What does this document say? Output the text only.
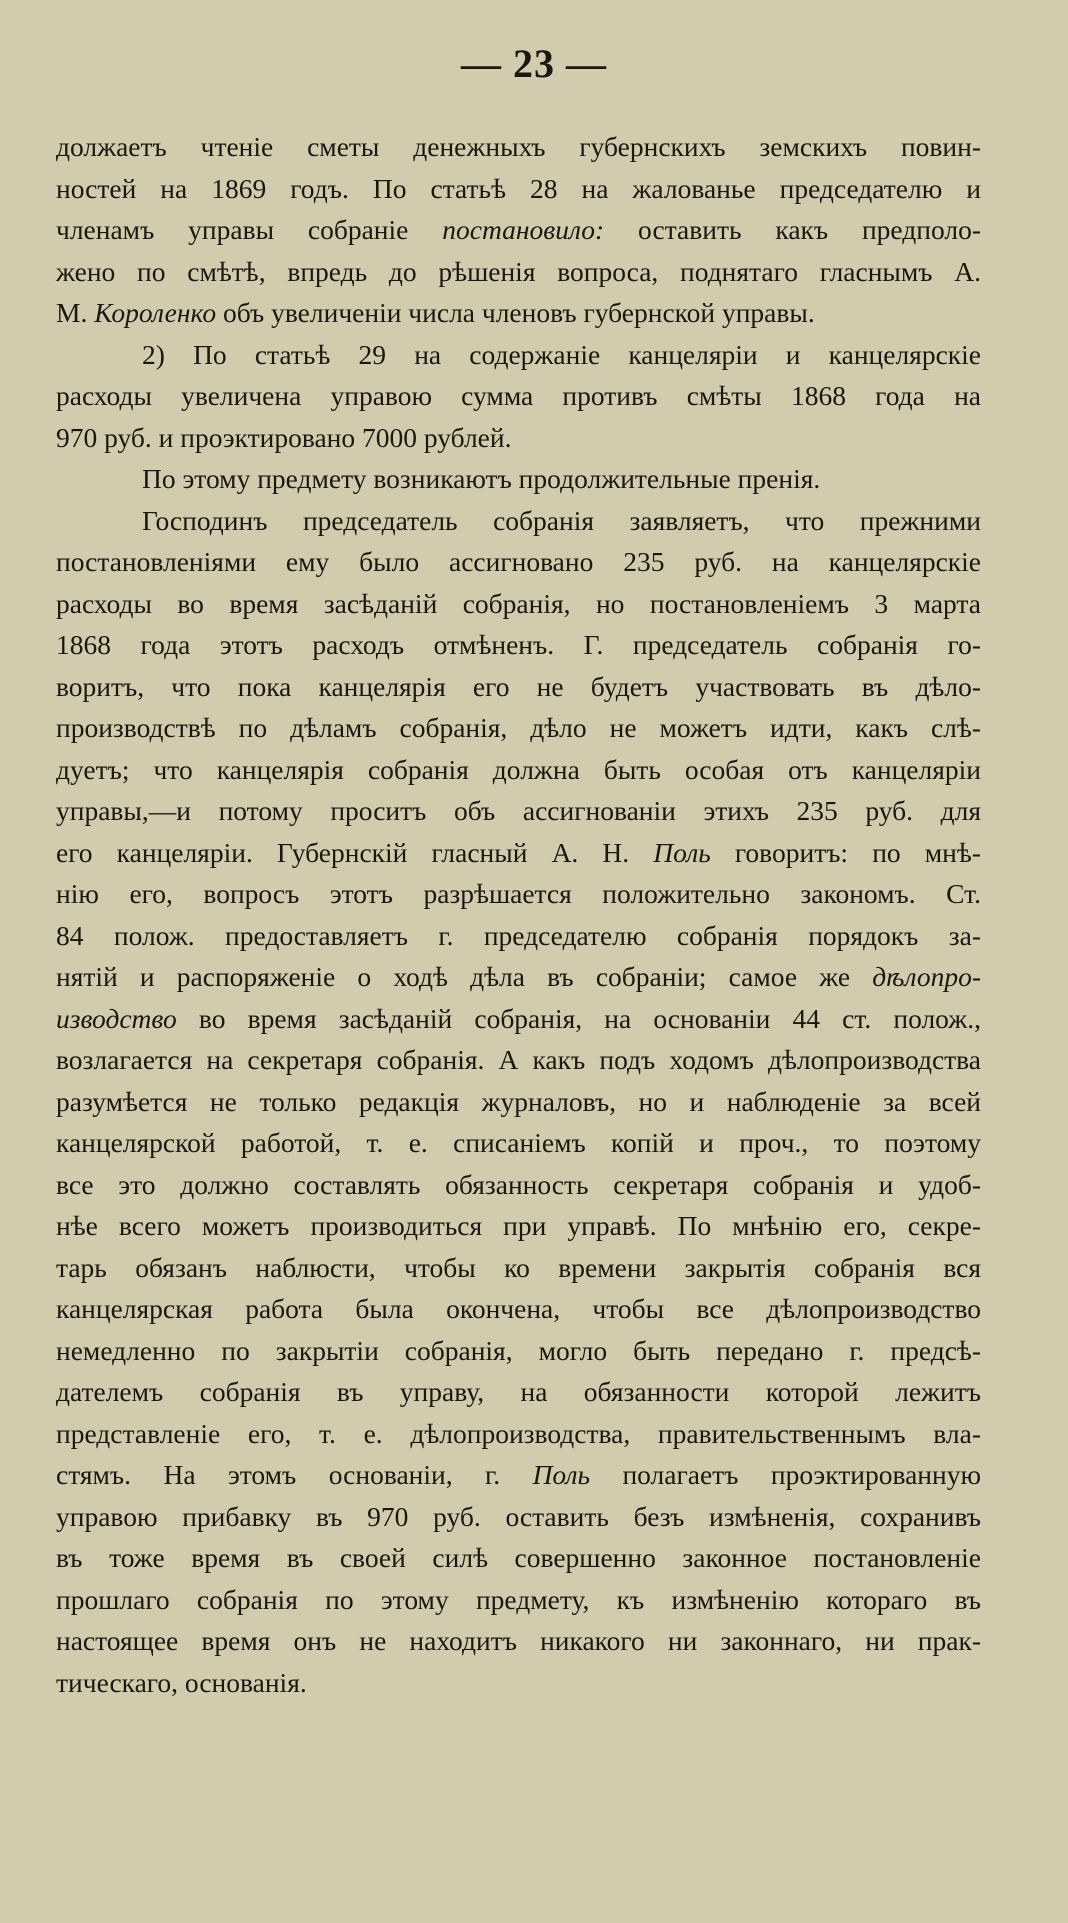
— 23 —
должаетъ чтеніе сметы денежныхъ губернскихъ земскихъ повин-
ностей на 1869 годъ. По статьѣ 28 на жалованье председателю и
членамъ управы собраніе постановило: оставить какъ предполо-
жено по смѣтѣ, впредь до рѣшенія вопроса, поднятаго гласнымъ А.
М. Короленко объ увеличеніи числа членовъ губернской управы.
2) По статьѣ 29 на содержаніе канцеляріи и канцелярскіе
расходы увеличена управою сумма противъ смѣты 1868 года на
970 руб. и проэктировано 7000 рублей.
По этому предмету возникаютъ продолжительные пренія.
Господинъ председатель собранія заявляетъ, что прежними
постановленіями ему было ассигновано 235 руб. на канцелярскіе
расходы во время засѣданій собранія, но постановленіемъ 3 марта
1868 года этотъ расходъ отмѣненъ. Г. председатель собранія го-
воритъ, что пока канцелярія его не будетъ участвовать въ дѣло-
производствѣ по дѣламъ собранія, дѣло не можетъ идти, какъ слѣ-
дуетъ; что канцелярія собранія должна быть особая отъ канцеляріи
управы,—и потому проситъ объ ассигнованіи этихъ 235 руб. для
его канцеляріи. Губернскій гласный А. Н. Поль говоритъ: по мнѣ-
нію его, вопросъ этотъ разрѣшается положительно закономъ. Ст.
84 полож. предоставляетъ г. председателю собранія порядокъ за-
нятій и распоряженіе о ходѣ дѣла въ собраніи; самое же дѣлопро-
изводство во время засѣданій собранія, на основаніи 44 ст. полож.,
возлагается на секретаря собранія. А какъ подъ ходомъ дѣлопроизводства
разумѣется не только редакція журналовъ, но и наблюденіе за всей
канцелярской работой, т. е. списаніемъ копій и проч., то поэтому
все это должно составлять обязанность секретаря собранія и удоб-
нѣе всего можетъ производиться при управѣ. По мнѣнію его, секре-
тарь обязанъ наблюсти, чтобы ко времени закрытія собранія вся
канцелярская работа была окончена, чтобы все дѣлопроизводство
немедленно по закрытіи собранія, могло быть передано г. предсѣ-
дателемъ собранія въ управу, на обязанности которой лежитъ
представленіе его, т. е. дѣлопроизводства, правительственнымъ вла-
стямъ. На этомъ основаніи, г. Поль полагаетъ проэктированную
управою прибавку въ 970 руб. оставить безъ измѣненія, сохранивъ
въ тоже время въ своей силѣ совершенно законное постановленіе
прошлаго собранія по этому предмету, къ измѣненію котораго въ
настоящее время онъ не находитъ никакого ни законнаго, ни прак-
тическаго, основанія.
